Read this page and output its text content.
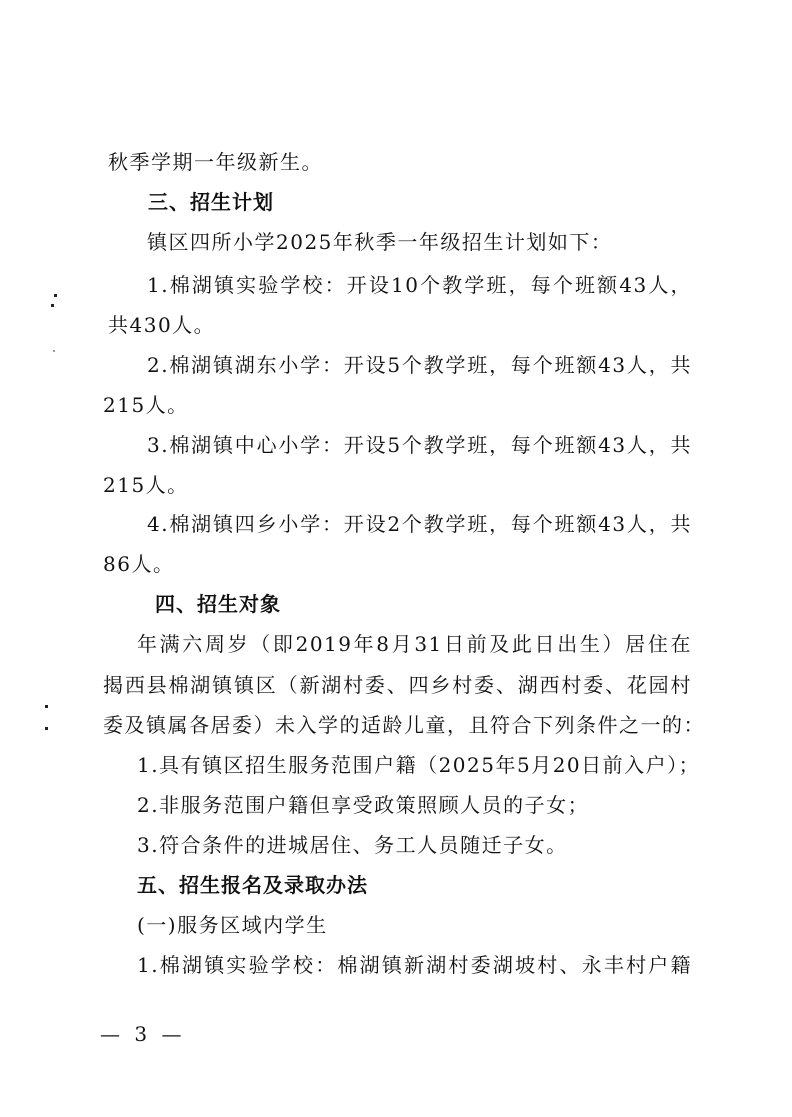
秋季学期一年级新生。
三、招生计划
镇区四所小学2025年秋季一年级招生计划如下：
1.棉湖镇实验学校：开设10个教学班，每个班额43人，
共430人。
2.棉湖镇湖东小学：开设5个教学班，每个班额43人，共
215人。
3.棉湖镇中心小学：开设5个教学班，每个班额43人，共
215人。
4.棉湖镇四乡小学：开设2个教学班，每个班额43人，共
86人。
四、招生对象
年满六周岁（即2019年8月31日前及此日出生）居住在
揭西县棉湖镇镇区（新湖村委、四乡村委、湖西村委、花园村
委及镇属各居委）未入学的适龄儿童，且符合下列条件之一的：
1.具有镇区招生服务范围户籍（2025年5月20日前入户）；
2.非服务范围户籍但享受政策照顾人员的子女；
3.符合条件的进城居住、务工人员随迁子女。
五、招生报名及录取办法
(一)服务区域内学生
1.棉湖镇实验学校：棉湖镇新湖村委湖坡村、永丰村户籍
— 3 —
